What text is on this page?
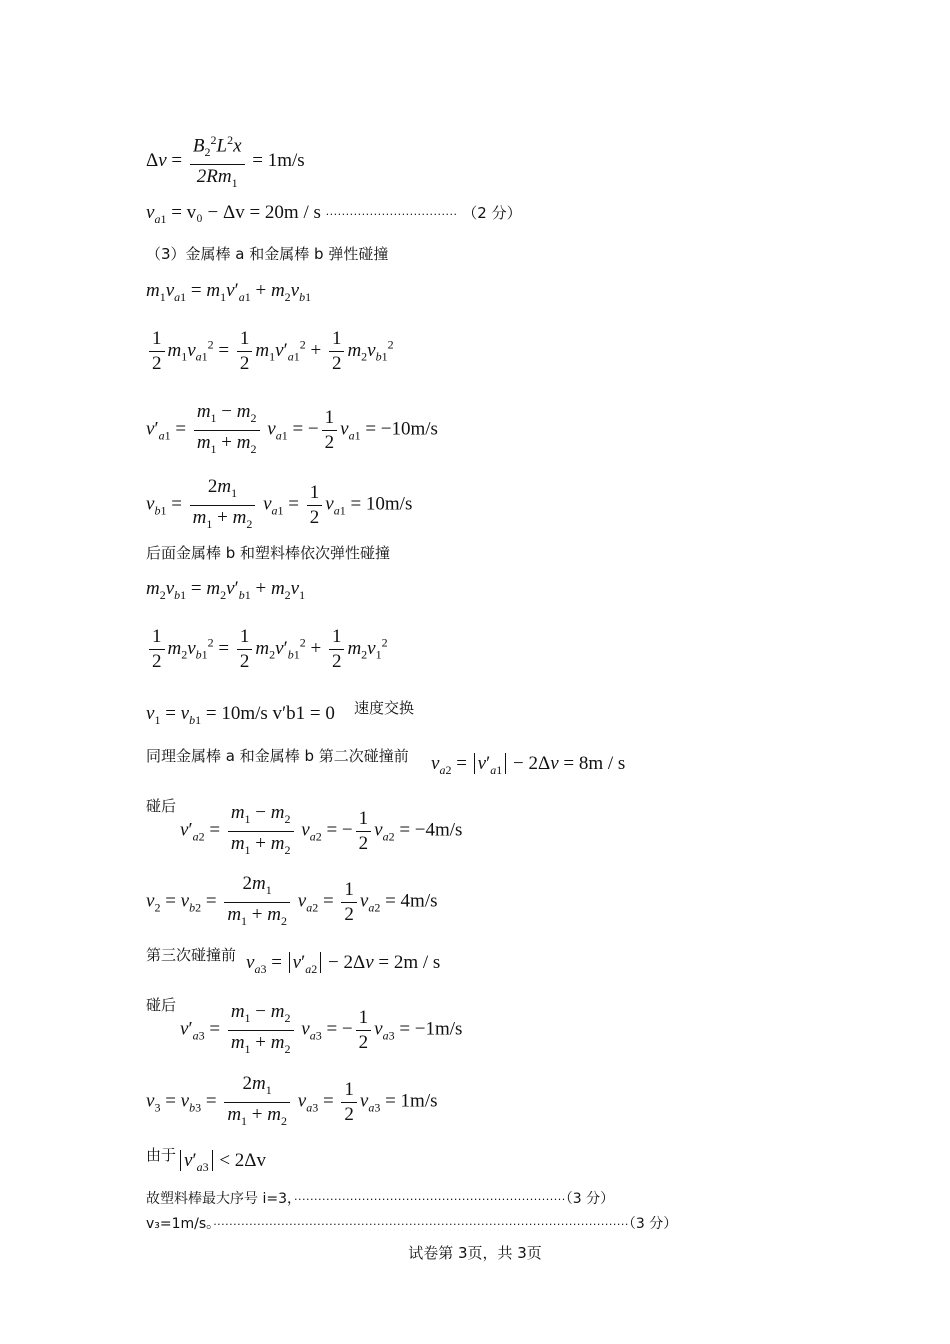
$\Delta v = \frac{B_2^2L^2x}{2Rm_1} = 1m/s$
$v_{a1} = v_0 - \Delta v = 20m / s$ ································· （2 分）
（3）金属棒 a 和金属棒 b 弹性碰撞
$m_1v_{a1} = m_1v'_{a1} + m_2v_{b1}$
$\frac{1}{2} m_1v_{a1}^2 = \frac{1}{2} m_1v'_{a1}^2 + \frac{1}{2} m_2v_{b1}^2$
$v'_{a1} = \frac{m_1 - m_2}{m_1 + m_2} v_{a1}$ = − $\frac{1}{2} v_{a1} = -10m/s$
$v_{b1} = \frac{2m_1}{m_1 + m_2} v_{a1} = \frac{1}{2} v_{a1} = 10m/s$
后面金属棒 b 和塑料棒依次弹性碰撞
$m_2v_{b1} = m_2v'_{b1} + m_2v_1$
$\frac{1}{2} m_2v_{b1}^2 = \frac{1}{2} m_2v'_{b1}^2 + \frac{1}{2} m_2v_1^2$
$v_1 = v_{b1} = 10m/s$ v′b1 = 0 速度交换
同理金属棒 a 和金属棒 b 第二次碰撞前 $v_{a2} = v'_{a1} - 2\Delta v = 8m / s$
碰后
$v'_{a2} = \frac{m_1 - m_2}{m_1 + m_2} v_{a2}$ = − $\frac{1}{2} v_{a2} = -4m/s$
$v_2 = v_{b2} = \frac{2m_1}{m_1 + m_2} v_{a2} = \frac{1}{2} v_{a2} = 4m/s$
第三次碰撞前 $v_{a3} = v'_{a2} - 2\Delta v = 2m / s$
碰后
$v'_{a3} = \frac{m_1 - m_2}{m_1 + m_2} v_{a3}$ = − $\frac{1}{2} v_{a3} = -1m/s$
$v_3 = v_{b3} = \frac{2m_1}{m_1 + m_2} v_{a3} = \frac{1}{2} v_{a3} = 1m/s$
由于 $v'_{a3} < 2\Delta v$
故塑料棒最大序号 i=3，····································································（3 分）
v₃=1m/s。········································································································（3 分）
试卷第 3页，共 3页
